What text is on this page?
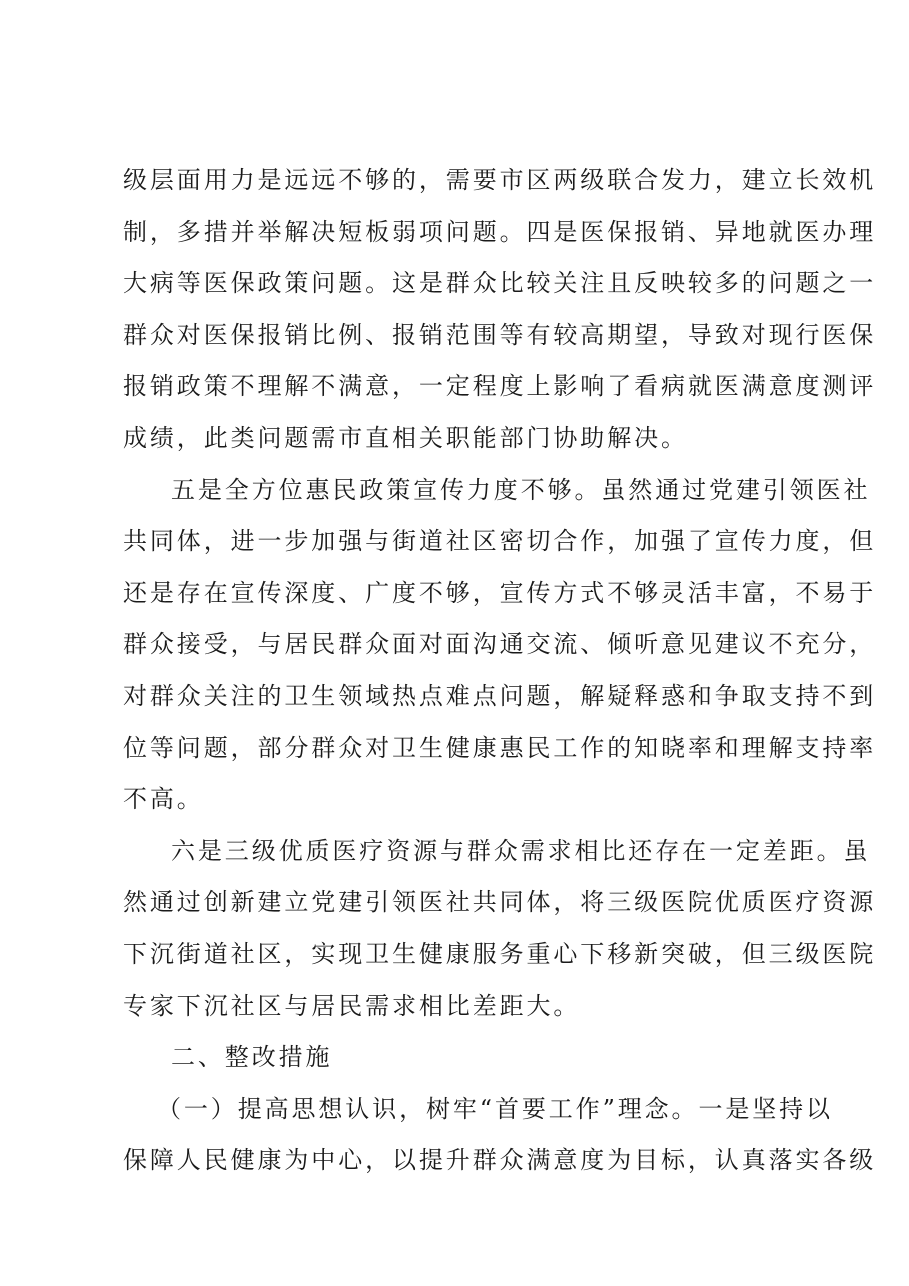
级层面用力是远远不够的，需要市区两级联合发力，建立长效机
制，多措并举解决短板弱项问题。四是医保报销、异地就医办理
大病等医保政策问题。这是群众比较关注且反映较多的问题之一
群众对医保报销比例、报销范围等有较高期望，导致对现行医保
报销政策不理解不满意，一定程度上影响了看病就医满意度测评
成绩，此类问题需市直相关职能部门协助解决。
五是全方位惠民政策宣传力度不够。虽然通过党建引领医社
共同体，进一步加强与街道社区密切合作，加强了宣传力度，但
还是存在宣传深度、广度不够，宣传方式不够灵活丰富，不易于
群众接受，与居民群众面对面沟通交流、倾听意见建议不充分，
对群众关注的卫生领域热点难点问题，解疑释惑和争取支持不到
位等问题，部分群众对卫生健康惠民工作的知晓率和理解支持率
不高。
六是三级优质医疗资源与群众需求相比还存在一定差距。虽
然通过创新建立党建引领医社共同体，将三级医院优质医疗资源
下沉街道社区，实现卫生健康服务重心下移新突破，但三级医院
专家下沉社区与居民需求相比差距大。
二、整改措施
（一）提高思想认识，树牢“首要工作”理念。一是坚持以
保障人民健康为中心，以提升群众满意度为目标，认真落实各级
